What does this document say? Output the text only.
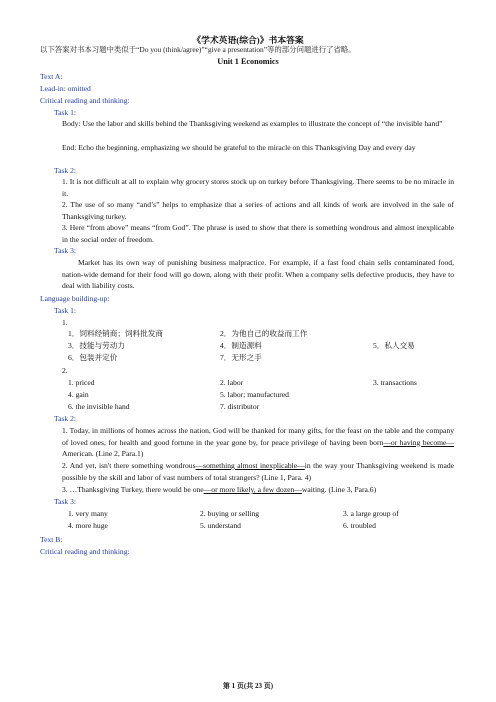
《学术英语(综合)》书本答案
以下答案对书本习题中类似于“Do you (think/agree)”“give a presentation”等的部分问题进行了省略。
Unit 1 Economics
Text A:
Lead-in: omitted
Critical reading and thinking:
Task 1:
Body: Use the labor and skills behind the Thanksgiving weekend as examples to illustrate the concept of “the invisible hand”
End: Echo the beginning, emphasizing we should be grateful to the miracle on this Thanksgiving Day and every day
Task 2:
1. It is not difficult at all to explain why grocery stores stock up on turkey before Thanksgiving. There seems to be no miracle in it.
2. The use of so many “and’s” helps to emphasize that a series of actions and all kinds of work are involved in the sale of Thanksgiving turkey.
3. Here “from above” means “from God”. The phrase is used to show that there is something wondrous and almost inexplicable in the social order of freedom.
Task 3:
Market has its own way of punishing business malpractice. For example, if a fast food chain sells contaminated food, nation-wide demand for their food will go down, along with their profit. When a company sells defective products, they have to deal with liability costs.
Language building-up:
Task 1:
1.
1．饲料经销商；饲料批发商	2．为他自己的收益而工作
3．技能与劳动力	4．制造源料	5．私人交易
6．包装并定价	7．无形之手
2.
1. priced	2. labor	3. transactions
4. gain	5. labor; manufactured
6. the invisible hand	7. distributor
Task 2:
1. Today, in millions of homes across the nation, God will be thanked for many gifts, for the feast on the table and the company of loved ones, for health and good fortune in the year gone by, for peace privilege of having been born—or having become—American. (Line 2, Para.1)
2. And yet, isn't there something wondrous—something almost inexplicable—in the way your Thanksgiving weekend is made possible by the skill and labor of vast numbers of total strangers? (Line 1, Para. 4)
3. …Thanksgiving Turkey, there would be one—or more likely, a few dozen—waiting. (Line 3, Para.6)
Task 3:
1. very many	2. buying or selling	3. a large group of
4. more huge	5. understand	6. troubled
Text B:
Critical reading and thinking:
第 1 页(共 23 页)
